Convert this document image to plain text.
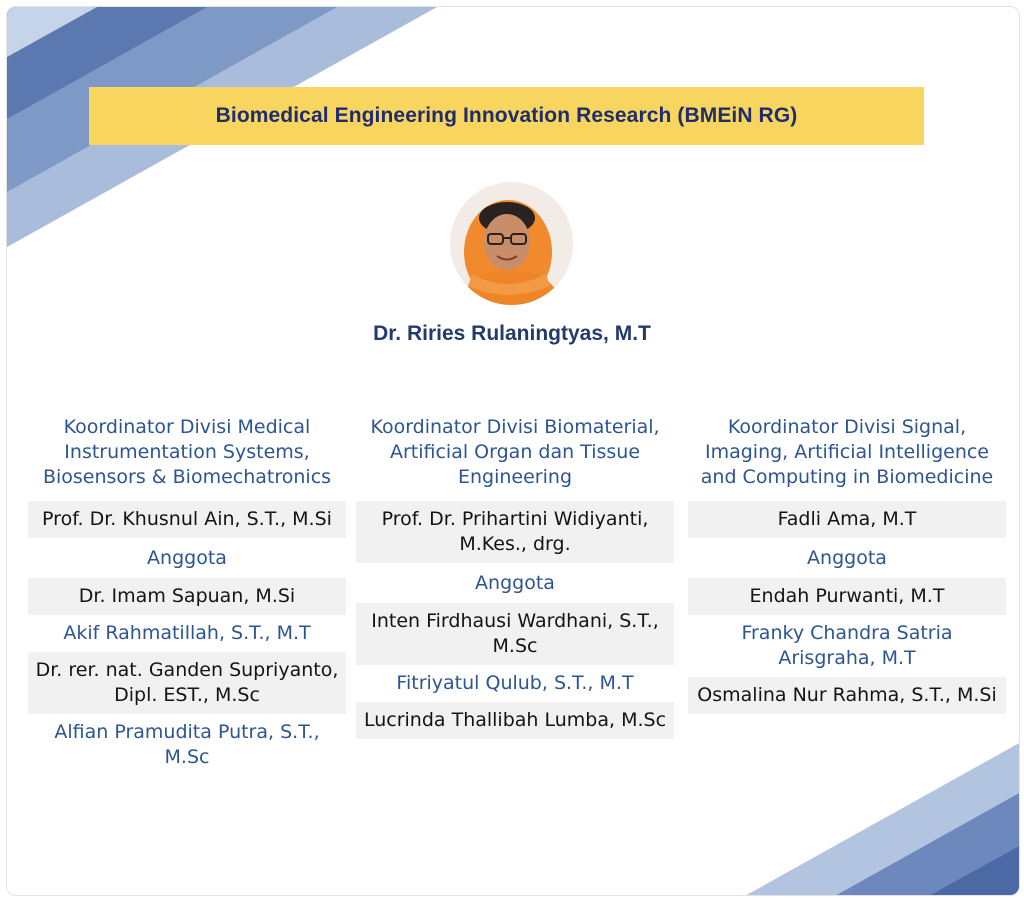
Biomedical Engineering Innovation Research (BMEiN RG)
Dr. Riries Rulaningtyas, M.T
Koordinator Divisi Medical Instrumentation Systems, Biosensors & Biomechatronics
Prof. Dr. Khusnul Ain, S.T., M.Si
Anggota
Dr. Imam Sapuan, M.Si
Akif Rahmatillah, S.T., M.T
Dr. rer. nat. Ganden Supriyanto, Dipl. EST., M.Sc
Alfian Pramudita Putra, S.T., M.Sc
Koordinator Divisi Biomaterial, Artificial Organ dan Tissue Engineering
Prof. Dr. Prihartini Widiyanti, M.Kes., drg.
Anggota
Inten Firdhausi Wardhani, S.T., M.Sc
Fitriyatul Qulub, S.T., M.T
Lucrinda Thallibah Lumba, M.Sc
Koordinator Divisi Signal, Imaging, Artificial Intelligence and Computing in Biomedicine
Fadli Ama, M.T
Anggota
Endah Purwanti, M.T
Franky Chandra Satria Arisgraha, M.T
Osmalina Nur Rahma, S.T., M.Si
